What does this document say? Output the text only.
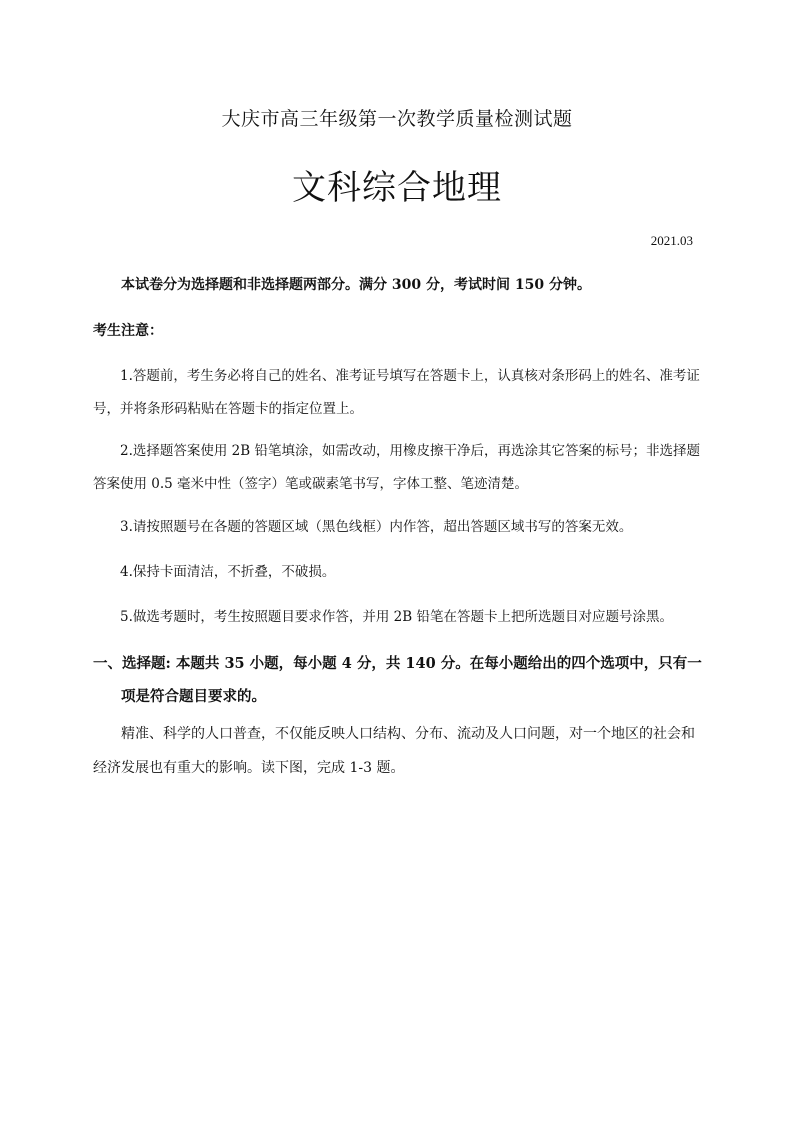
大庆市高三年级第一次教学质量检测试题
文科综合地理
2021.03
本试卷分为选择题和非选择题两部分。满分 300 分，考试时间 150 分钟。
考生注意：

1.答题前，考生务必将自己的姓名、准考证号填写在答题卡上，认真核对条形码上的姓名、准考证号，并将条形码粘贴在答题卡的指定位置上。

2.选择题答案使用 2B 铅笔填涂，如需改动，用橡皮擦干净后，再选涂其它答案的标号；非选择题答案使用 0.5 毫米中性（签字）笔或碳素笔书写，字体工整、笔迹清楚。

3.请按照题号在各题的答题区域（黑色线框）内作答，超出答题区域书写的答案无效。

4.保持卡面清洁，不折叠，不破损。

5.做选考题时，考生按照题目要求作答，并用 2B 铅笔在答题卡上把所选题目对应题号涂黑。

一、选择题: 本题共 35 小题，每小题 4 分，共 140 分。在每小题给出的四个选项中，只有一项是符合题目要求的。

精准、科学的人口普查，不仅能反映人口结构、分布、流动及人口问题，对一个地区的社会和经济发展也有重大的影响。读下图，完成 1-3 题。
